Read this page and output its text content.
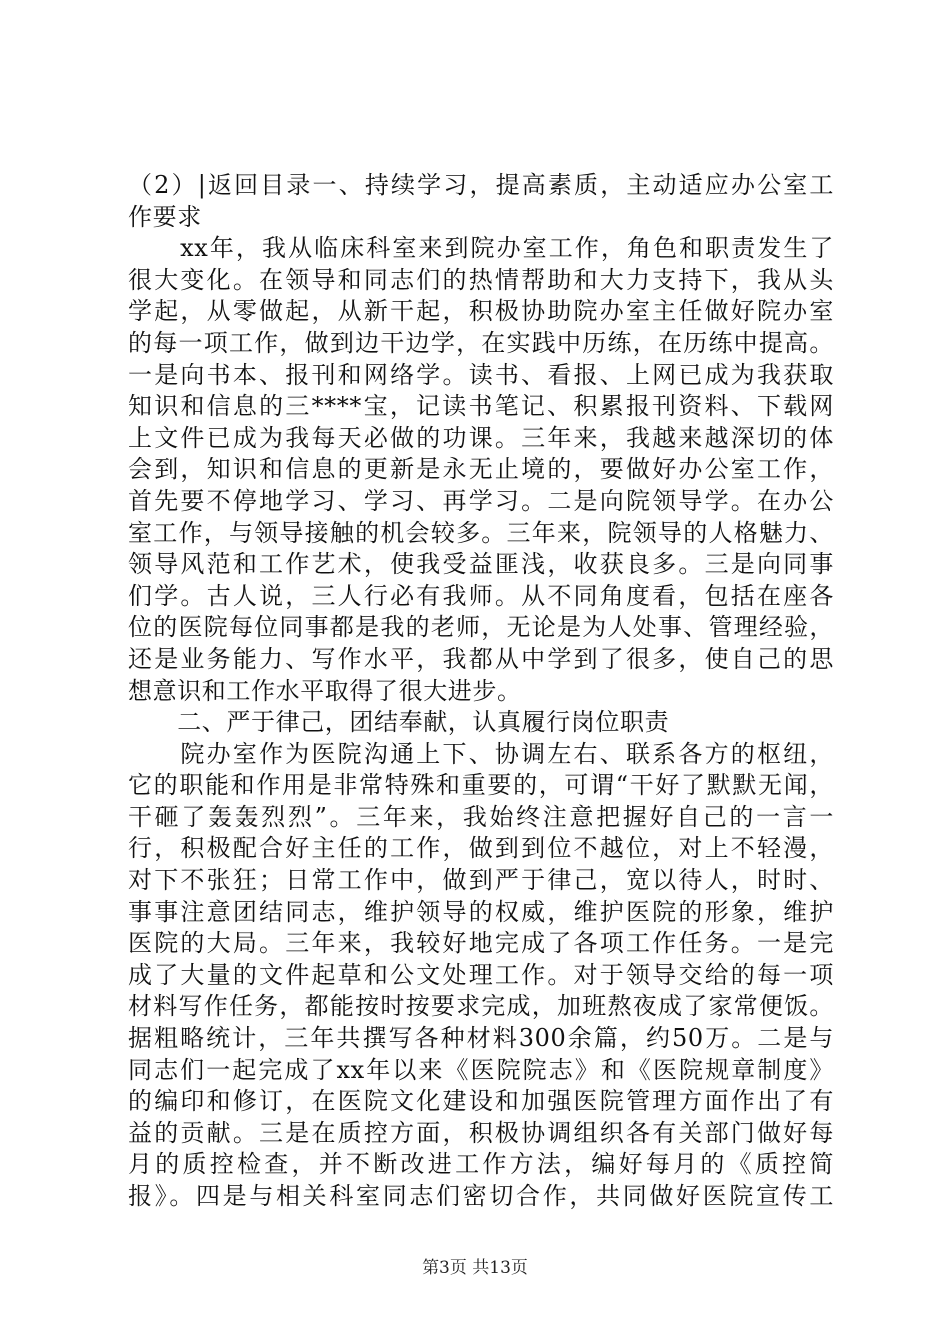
（2）|返回目录一、持续学习，提高素质，主动适应办公室工
作要求
　　xx年，我从临床科室来到院办室工作，角色和职责发生了
很大变化。在领导和同志们的热情帮助和大力支持下，我从头
学起，从零做起，从新干起，积极协助院办室主任做好院办室
的每一项工作，做到边干边学，在实践中历练，在历练中提高。
一是向书本、报刊和网络学。读书、看报、上网已成为我获取
知识和信息的三****宝，记读书笔记、积累报刊资料、下载网
上文件已成为我每天必做的功课。三年来，我越来越深切的体
会到，知识和信息的更新是永无止境的，要做好办公室工作，
首先要不停地学习、学习、再学习。二是向院领导学。在办公
室工作，与领导接触的机会较多。三年来，院领导的人格魅力、
领导风范和工作艺术，使我受益匪浅，收获良多。三是向同事
们学。古人说，三人行必有我师。从不同角度看，包括在座各
位的医院每位同事都是我的老师，无论是为人处事、管理经验，
还是业务能力、写作水平，我都从中学到了很多，使自己的思
想意识和工作水平取得了很大进步。
　　二、严于律己，团结奉献，认真履行岗位职责
　　院办室作为医院沟通上下、协调左右、联系各方的枢纽，
它的职能和作用是非常特殊和重要的，可谓“干好了默默无闻，
干砸了轰轰烈烈”。三年来，我始终注意把握好自己的一言一
行，积极配合好主任的工作，做到到位不越位，对上不轻漫，
对下不张狂；日常工作中，做到严于律己，宽以待人，时时、
事事注意团结同志，维护领导的权威，维护医院的形象，维护
医院的大局。三年来，我较好地完成了各项工作任务。一是完
成了大量的文件起草和公文处理工作。对于领导交给的每一项
材料写作任务，都能按时按要求完成，加班熬夜成了家常便饭。
据粗略统计，三年共撰写各种材料300余篇，约50万。二是与
同志们一起完成了xx年以来《医院院志》和《医院规章制度》
的编印和修订，在医院文化建设和加强医院管理方面作出了有
益的贡献。三是在质控方面，积极协调组织各有关部门做好每
月的质控检查，并不断改进工作方法，编好每月的《质控简
报》。四是与相关科室同志们密切合作，共同做好医院宣传工
第3页 共13页
